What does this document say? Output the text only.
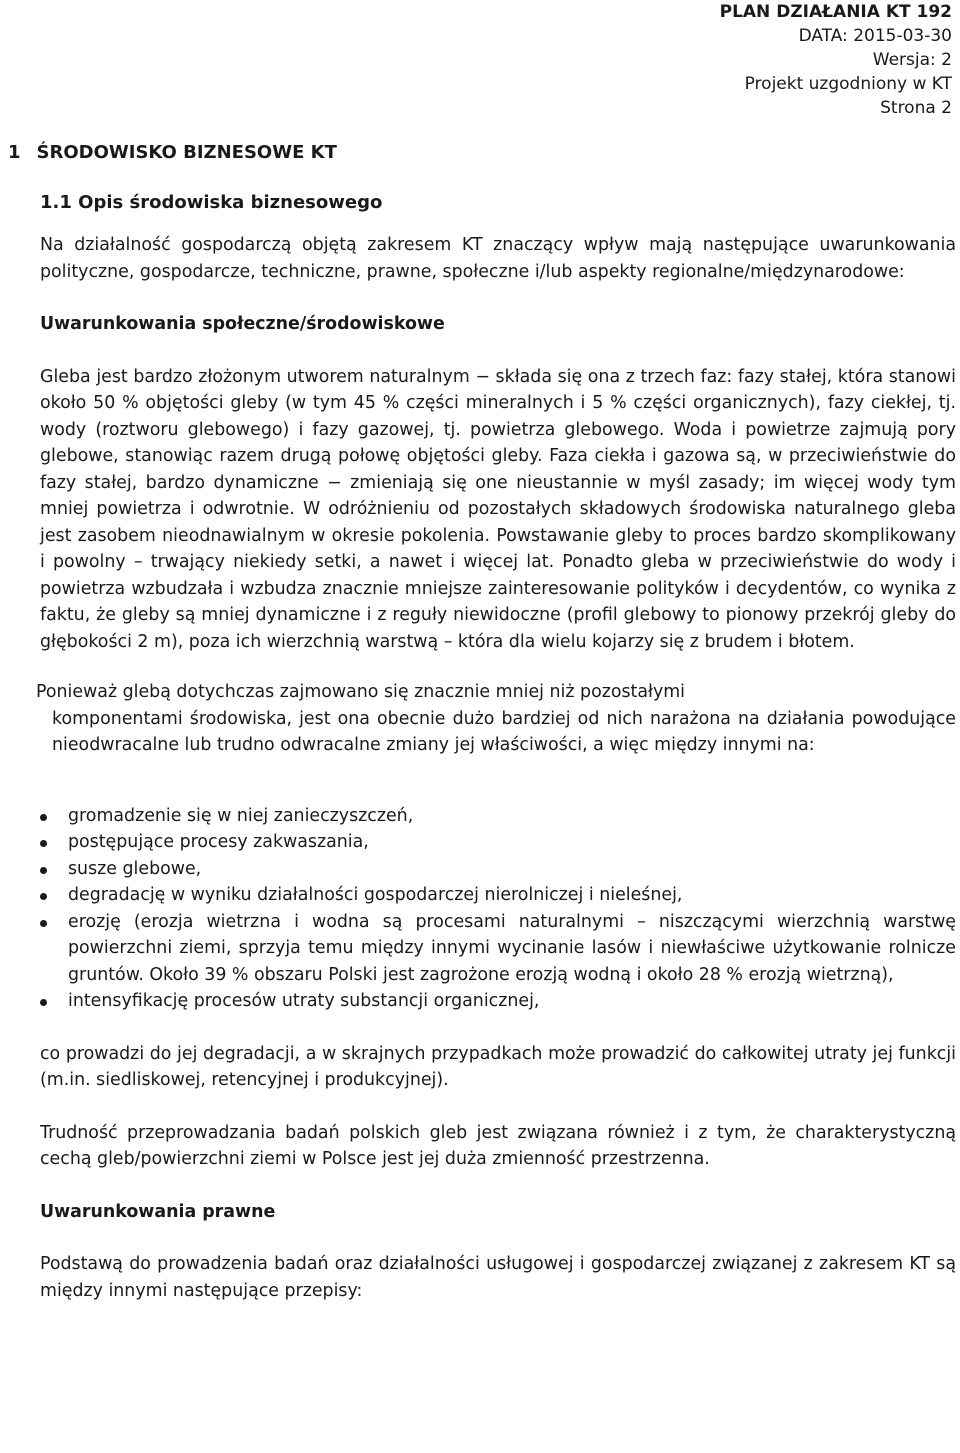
PLAN DZIAŁANIA KT 192
DATA: 2015-03-30
Wersja: 2
Projekt uzgodniony w KT
Strona 2
1 ŚRODOWISKO BIZNESOWE KT
1.1 Opis środowiska biznesowego

Na działalność gospodarczą objętą zakresem KT znaczący wpływ mają następujące uwarunkowania polityczne, gospodarcze, techniczne, prawne, społeczne i/lub aspekty regionalne/międzynarodowe:

Uwarunkowania społeczne/środowiskowe

Gleba jest bardzo złożonym utworem naturalnym − składa się ona z trzech faz: fazy stałej, która stanowi około 50 % objętości gleby (w tym 45 % części mineralnych i 5 % części organicznych), fazy ciekłej, tj. wody (roztworu glebowego) i fazy gazowej, tj. powietrza glebowego. Woda i powietrze zajmują pory glebowe, stanowiąc razem drugą połowę objętości gleby. Faza ciekła i gazowa są, w przeciwieństwie do fazy stałej, bardzo dynamiczne − zmieniają się one nieustannie w myśl zasady; im więcej wody tym mniej powietrza i odwrotnie. W odróżnieniu od pozostałych składowych środowiska naturalnego gleba jest zasobem nieodnawialnym w okresie pokolenia. Powstawanie gleby to proces bardzo skomplikowany i powolny – trwający niekiedy setki, a nawet i więcej lat. Ponadto gleba w przeciwieństwie do wody i powietrza wzbudzała i wzbudza znacznie mniejsze zainteresowanie polityków i decydentów, co wynika z faktu, że gleby są mniej dynamiczne i z reguły niewidoczne (profil glebowy to pionowy przekrój gleby do głębokości 2 m), poza ich wierzchnią warstwą – która dla wielu kojarzy się z brudem i błotem.

Ponieważ glebą dotychczas zajmowano się znacznie mniej niż pozostałymi
komponentami środowiska, jest ona obecnie dużo bardziej od nich narażona na działania powodujące nieodwracalne lub trudno odwracalne zmiany jej właściwości, a więc między innymi na:

gromadzenie się w niej zanieczyszczeń,
postępujące procesy zakwaszania,
susze glebowe,
degradację w wyniku działalności gospodarczej nierolniczej i nieleśnej,
erozję (erozja wietrzna i wodna są procesami naturalnymi – niszczącymi wierzchnią warstwę powierzchni ziemi, sprzyja temu między innymi wycinanie lasów i niewłaściwe użytkowanie rolnicze gruntów. Około 39 % obszaru Polski jest zagrożone erozją wodną i około 28 % erozją wietrzną),
intensyfikację procesów utraty substancji organicznej,

co prowadzi do jej degradacji, a w skrajnych przypadkach może prowadzić do całkowitej utraty jej funkcji (m.in. siedliskowej, retencyjnej i produkcyjnej).

Trudność przeprowadzania badań polskich gleb jest związana również i z tym, że charakterystyczną cechą gleb/powierzchni ziemi w Polsce jest jej duża zmienność przestrzenna.

Uwarunkowania prawne

Podstawą do prowadzenia badań oraz działalności usługowej i gospodarczej związanej z zakresem KT są między innymi następujące przepisy:
